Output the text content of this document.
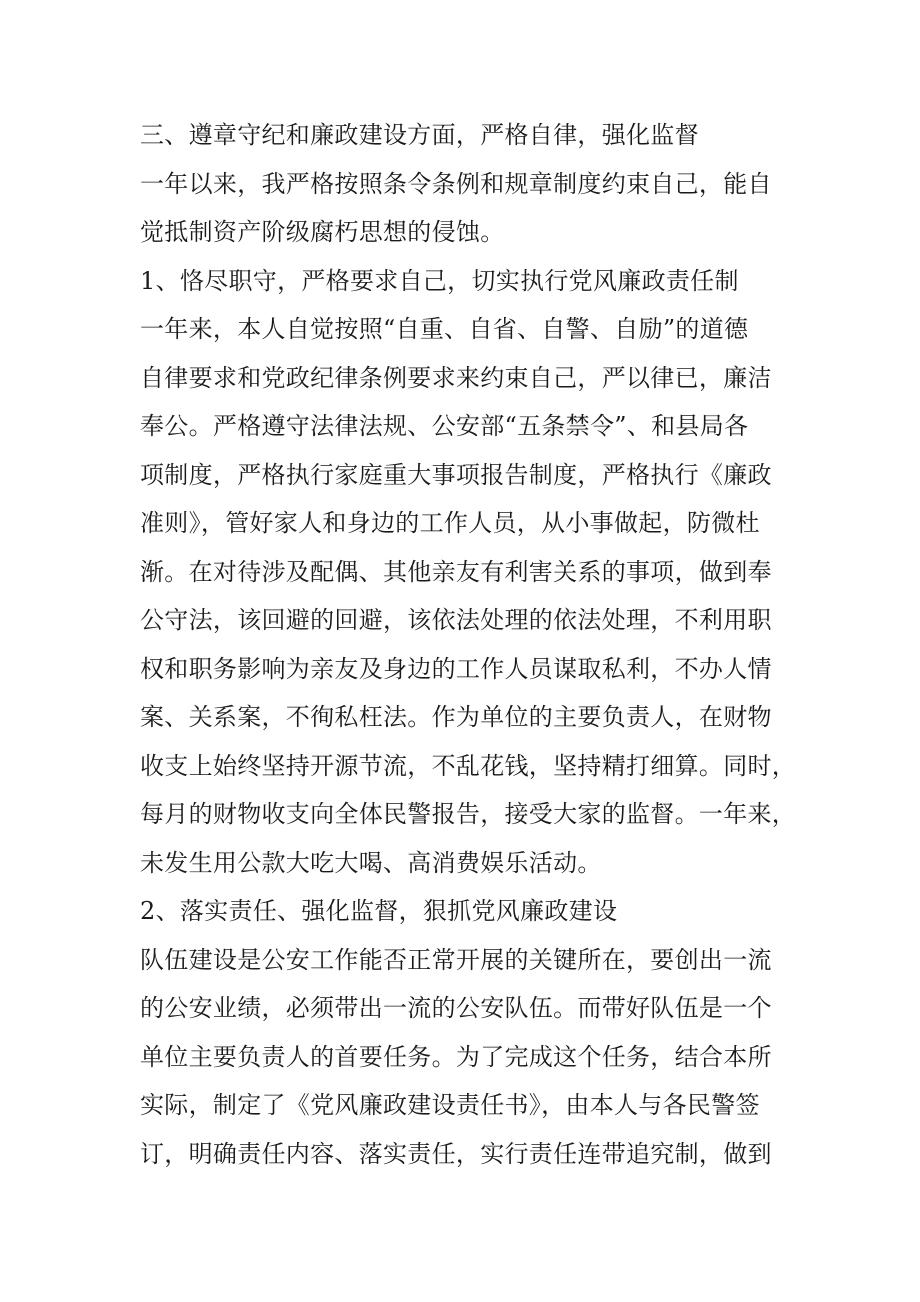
三、遵章守纪和廉政建设方面，严格自律，强化监督
一年以来，我严格按照条令条例和规章制度约束自己，能自
觉抵制资产阶级腐朽思想的侵蚀。
1、恪尽职守，严格要求自己，切实执行党风廉政责任制
一年来，本人自觉按照“自重、自省、自警、自励”的道德
自律要求和党政纪律条例要求来约束自己，严以律已，廉洁
奉公。严格遵守法律法规、公安部“五条禁令”、和县局各
项制度，严格执行家庭重大事项报告制度，严格执行《廉政
准则》，管好家人和身边的工作人员，从小事做起，防微杜
渐。在对待涉及配偶、其他亲友有利害关系的事项，做到奉
公守法，该回避的回避，该依法处理的依法处理，不利用职
权和职务影响为亲友及身边的工作人员谋取私利，不办人情
案、关系案，不徇私枉法。作为单位的主要负责人，在财物
收支上始终坚持开源节流，不乱花钱，坚持精打细算。同时，
每月的财物收支向全体民警报告，接受大家的监督。一年来，
未发生用公款大吃大喝、高消费娱乐活动。
2、落实责任、强化监督，狠抓党风廉政建设
队伍建设是公安工作能否正常开展的关键所在，要创出一流
的公安业绩，必须带出一流的公安队伍。而带好队伍是一个
单位主要负责人的首要任务。为了完成这个任务，结合本所
实际，制定了《党风廉政建设责任书》，由本人与各民警签
订，明确责任内容、落实责任，实行责任连带追究制，做到
